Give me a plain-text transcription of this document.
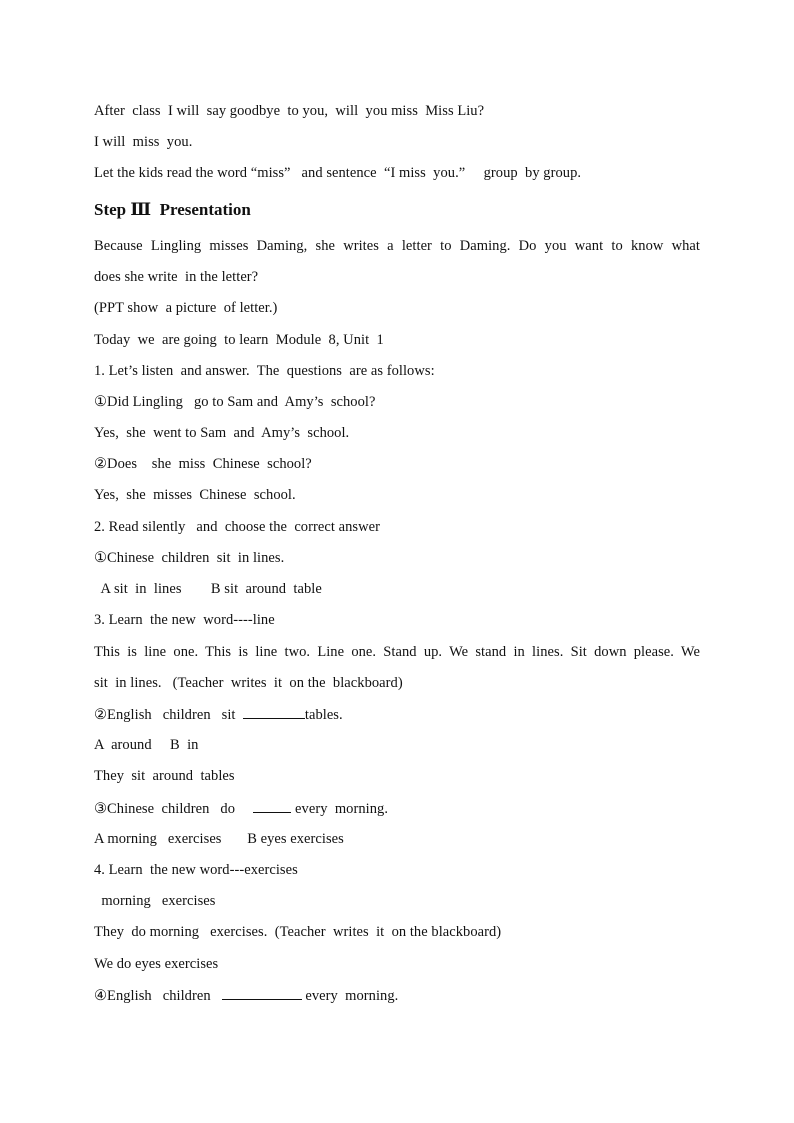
After  class  I will  say goodbye  to you,  will  you miss  Miss Liu?
I will  miss  you.
Let the kids read the word “miss”   and sentence  “I miss  you.”     group  by group.
Step Ⅲ  Presentation
Because Lingling misses Daming, she writes a letter to Daming. Do you want to know what
does she write  in the letter?
(PPT show  a picture  of letter.)
Today  we  are going  to learn  Module  8, Unit  1
1. Let’s listen  and answer.  The  questions  are as follows:
①Did Lingling   go to Sam and  Amy’s  school?
Yes,  she  went to Sam  and  Amy’s  school.
②Does    she  miss  Chinese  school?
Yes,  she  misses  Chinese  school.
2. Read silently   and  choose the  correct answer
①Chinese  children  sit  in lines.
A sit  in  lines        B sit  around  table
3. Learn  the new  word----line
This is line one. This is line two. Line one. Stand up. We stand in lines. Sit down please. We
sit  in lines.   (Teacher  writes  it  on the  blackboard)
②English   children   sit	tables.
A  around     B  in
They  sit  around  tables
③Chinese  children   do	every  morning.
A morning   exercises       B eyes exercises
4. Learn  the new word---exercises
morning   exercises
They  do morning   exercises.  (Teacher  writes  it  on the blackboard)
We do eyes exercises
④English   children	every  morning.
